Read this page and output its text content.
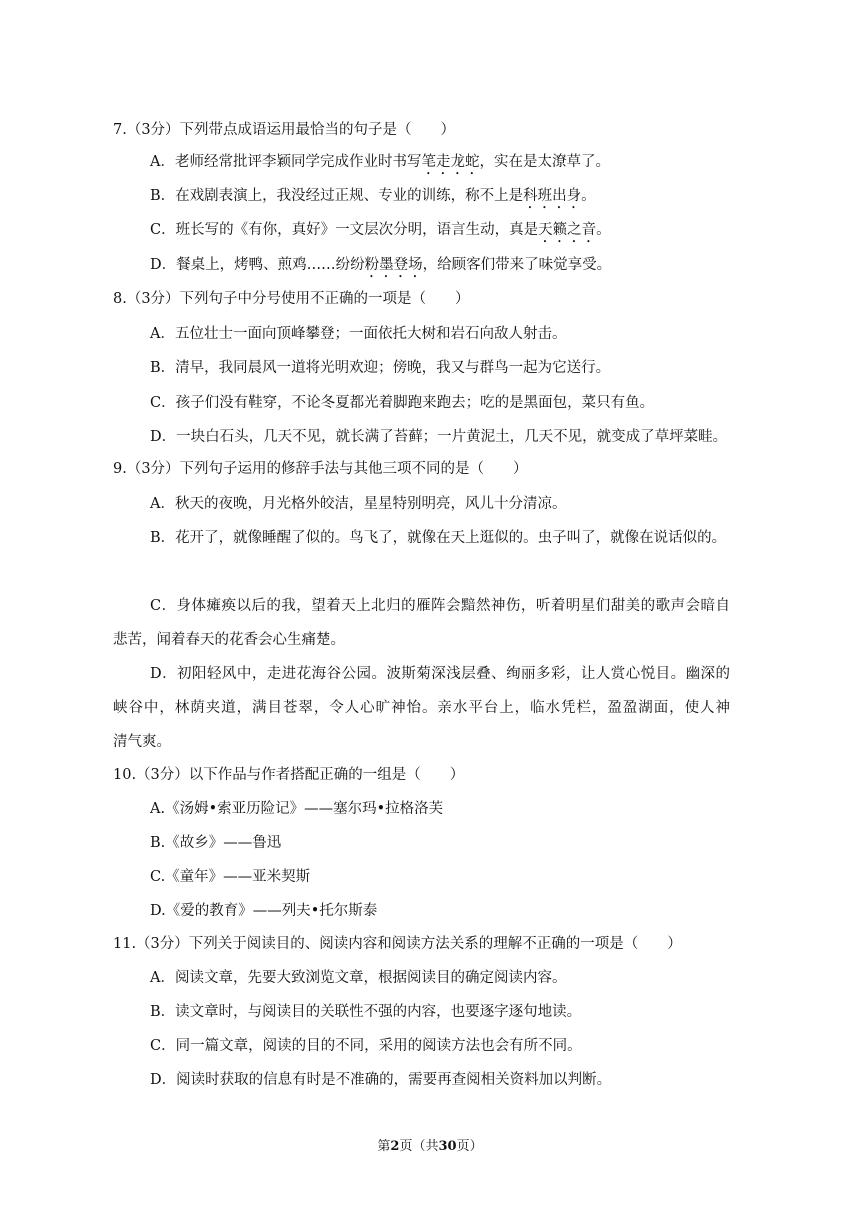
7.（3分）下列带点成语运用最恰当的句子是（　　）
A．老师经常批评李颖同学完成作业时书写笔走龙蛇，实在是太潦草了。
B．在戏剧表演上，我没经过正规、专业的训练，称不上是科班出身。
C．班长写的《有你，真好》一文层次分明，语言生动，真是天籁之音。
D．餐桌上，烤鸭、煎鸡……纷纷粉墨登场，给顾客们带来了味觉享受。
8.（3分）下列句子中分号使用不正确的一项是（　　）
A．五位壮士一面向顶峰攀登；一面依托大树和岩石向敌人射击。
B．清早，我同晨风一道将光明欢迎；傍晚，我又与群鸟一起为它送行。
C．孩子们没有鞋穿，不论冬夏都光着脚跑来跑去；吃的是黑面包，菜只有鱼。
D．一块白石头，几天不见，就长满了苔藓；一片黄泥土，几天不见，就变成了草坪菜畦。
9.（3分）下列句子运用的修辞手法与其他三项不同的是（　　）
A．秋天的夜晚，月光格外皎洁，星星特别明亮，风儿十分清凉。
B．花开了，就像睡醒了似的。鸟飞了，就像在天上逛似的。虫子叫了，就像在说话似的。
C．身体瘫痪以后的我，望着天上北归的雁阵会黯然神伤，听着明星们甜美的歌声会暗自
悲苦，闻着春天的花香会心生痛楚。
D．初阳轻风中，走进花海谷公园。波斯菊深浅层叠、绚丽多彩，让人赏心悦目。幽深的
峡谷中，林荫夹道，满目苍翠，令人心旷神怡。亲水平台上，临水凭栏，盈盈湖面，使人神
清气爽。
10.（3分）以下作品与作者搭配正确的一组是（　　）
A.《汤姆•索亚历险记》——塞尔玛•拉格洛芙
B.《故乡》——鲁迅
C.《童年》——亚米契斯
D.《爱的教育》——列夫•托尔斯泰
11.（3分）下列关于阅读目的、阅读内容和阅读方法关系的理解不正确的一项是（　　）
A．阅读文章，先要大致浏览文章，根据阅读目的确定阅读内容。
B．读文章时，与阅读目的关联性不强的内容，也要逐字逐句地读。
C．同一篇文章，阅读的目的不同，采用的阅读方法也会有所不同。
D．阅读时获取的信息有时是不准确的，需要再查阅相关资料加以判断。
第2页（共30页）
